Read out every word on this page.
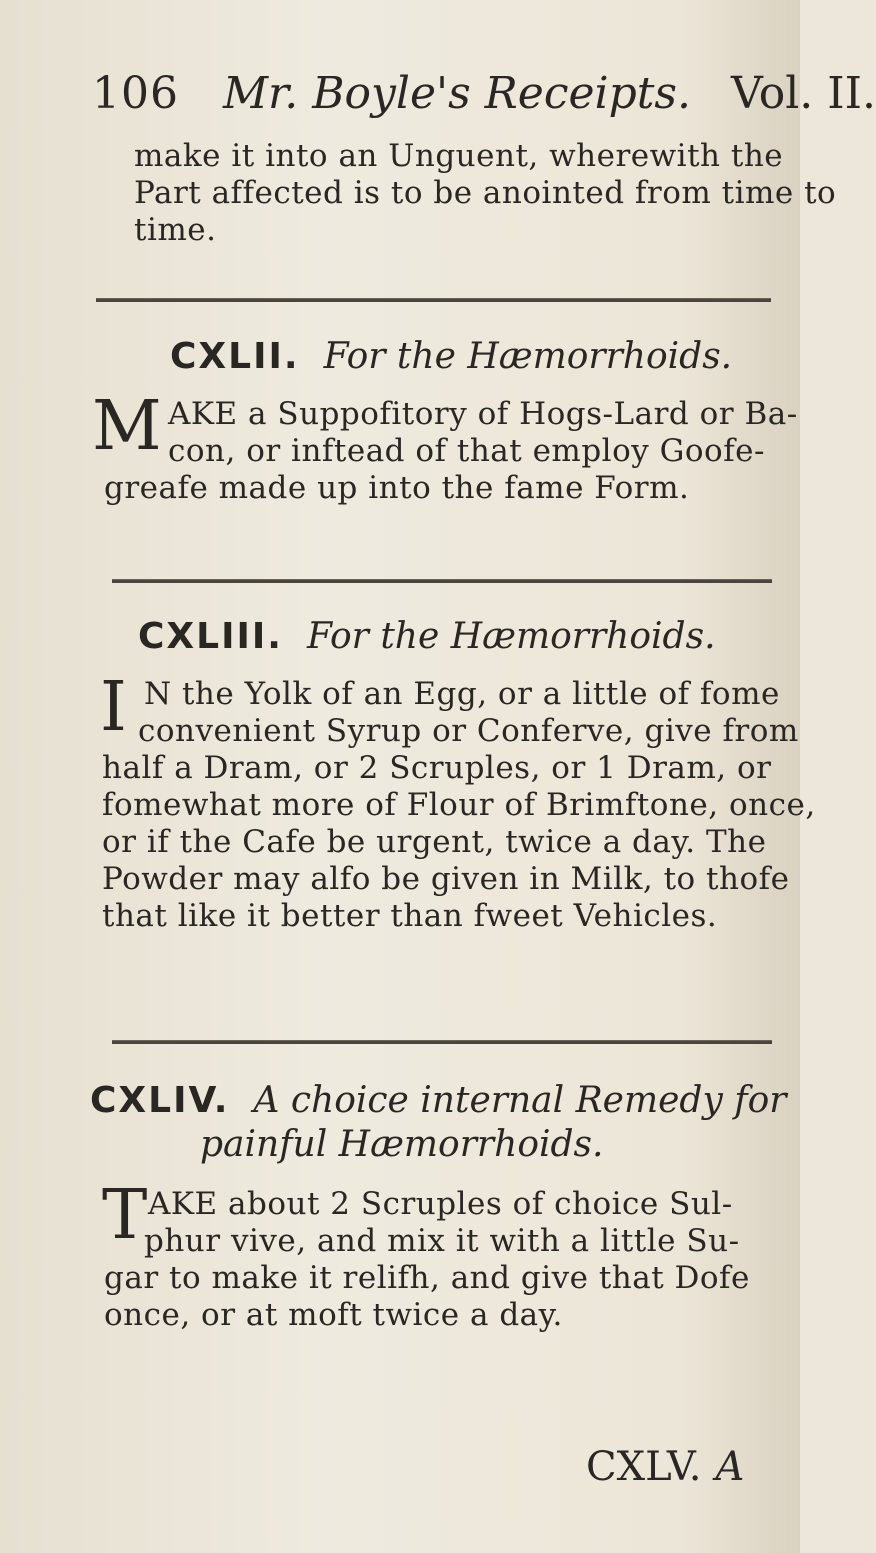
106 Mr. Boyle's Receipts. Vol. II.
make it into an Unguent, wherewith the
Part affected is to be anointed from time to
time.
CXLII. For the Hæmorrhoids.
M AKE a Suppofitory of Hogs-Lard or Ba-
con, or inftead of that employ Goofe-
greafe made up into the fame Form.
CXLIII. For the Hæmorrhoids.
I N the Yolk of an Egg, or a little of fome
convenient Syrup or Conferve, give from
half a Dram, or 2 Scruples, or 1 Dram, or
fomewhat more of Flour of Brimftone, once,
or if the Cafe be urgent, twice a day. The
Powder may alfo be given in Milk, to thofe
that like it better than fweet Vehicles.
CXLIV. A choice internal Remedy for
painful Hæmorrhoids.
T AKE about 2 Scruples of choice Sul-
phur vive, and mix it with a little Su-
gar to make it relifh, and give that Dofe
once, or at moft twice a day.
CXLV. A
